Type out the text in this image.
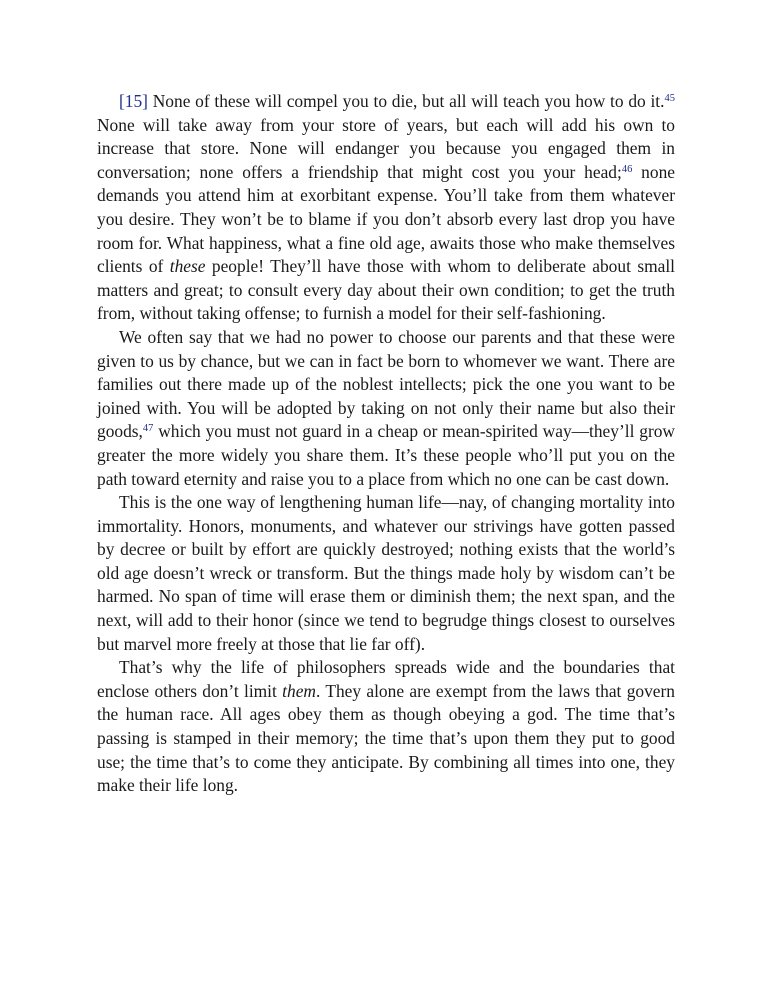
[15] None of these will compel you to die, but all will teach you how to do it.$^{45}$ None will take away from your store of years, but each will add his own to increase that store. None will endanger you because you engaged them in conversation; none offers a friendship that might cost you your head;$^{46}$ none demands you attend him at exorbitant expense. You’ll take from them whatever you desire. They won’t be to blame if you don’t absorb every last drop you have room for. What happiness, what a fine old age, awaits those who make themselves clients of these people! They’ll have those with whom to deliberate about small matters and great; to consult every day about their own condition; to get the truth from, without taking offense; to furnish a model for their self-fashioning.

We often say that we had no power to choose our parents and that these were given to us by chance, but we can in fact be born to whomever we want. There are families out there made up of the noblest intellects; pick the one you want to be joined with. You will be adopted by taking on not only their name but also their goods,$^{47}$ which you must not guard in a cheap or mean-spirited way—they’ll grow greater the more widely you share them. It’s these people who’ll put you on the path toward eternity and raise you to a place from which no one can be cast down.

This is the one way of lengthening human life—nay, of changing mortality into immortality. Honors, monuments, and whatever our strivings have gotten passed by decree or built by effort are quickly destroyed; nothing exists that the world’s old age doesn’t wreck or transform. But the things made holy by wisdom can’t be harmed. No span of time will erase them or diminish them; the next span, and the next, will add to their honor (since we tend to begrudge things closest to ourselves but marvel more freely at those that lie far off).

That’s why the life of philosophers spreads wide and the boundaries that enclose others don’t limit them. They alone are exempt from the laws that govern the human race. All ages obey them as though obeying a god. The time that’s passing is stamped in their memory; the time that’s upon them they put to good use; the time that’s to come they anticipate. By combining all times into one, they make their life long.
